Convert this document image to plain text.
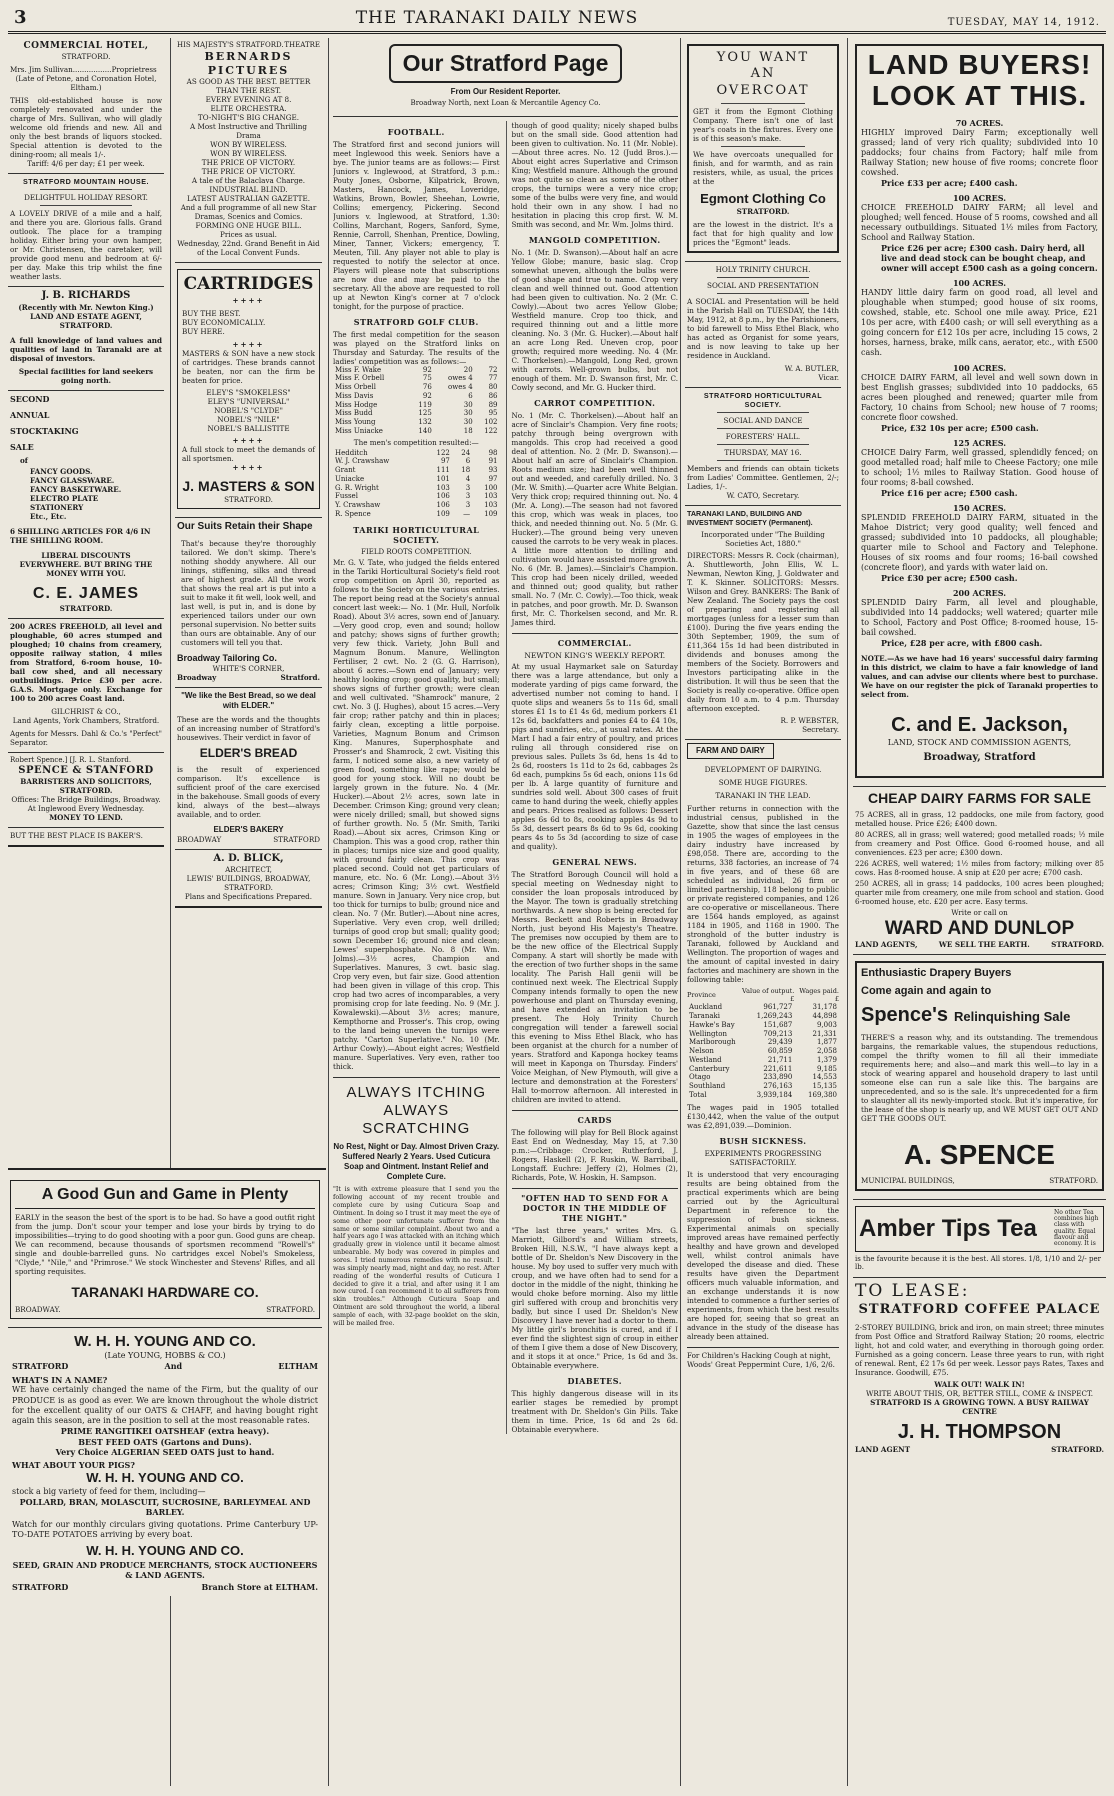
3	THE TARANAKI DAILY NEWS	TUESDAY, MAY 14, 1912.
COMMERCIAL HOTEL,
STRATFORD.
Mrs. Jim Sullivan.................Proprietress
(Late of Petone, and Coronation Hotel, Eltham.)
THIS old-established house is now completely renovated and under the charge of Mrs. Sullivan, who will gladly welcome old friends and new. All and only the best brands of liquors stocked. Special attention is devoted to the dining-room; all meals 1/-.
Tariff: 4/6 per day; £1 per week.
STRATFORD MOUNTAIN HOUSE.
DELIGHTFUL HOLIDAY RESORT.
A LOVELY DRIVE of a mile and a half, and there you are. Glorious falls. Grand outlook. The place for a tramping holiday. Either bring your own hamper, or Mr. Christensen, the caretaker, will provide good menu and bedroom at 6/- per day. Make this trip whilst the fine weather lasts.
J. B. RICHARDS
(Recently with Mr. Newton King.)
LAND AND ESTATE AGENT,
STRATFORD.
A full knowledge of land values and qualities of land in Taranaki are at disposal of investors.
Special facilities for land seekers going north.
SECOND
ANNUAL
STOCKTAKING
SALE
of
FANCY GOODS.
FANCY GLASSWARE.
FANCY BASKETWARE.
ELECTRO PLATE
STATIONERY
Etc., Etc.
6 SHILLING ARTICLES FOR 4/6 IN THE SHILLING ROOM.
LIBERAL DISCOUNTS EVERYWHERE. BUT BRING THE MONEY WITH YOU.
C. E. JAMES
STRATFORD.
200 ACRES FREEHOLD, all level and ploughable, 60 acres stumped and ploughed; 10 chains from creamery, opposite railway station, 4 miles from Stratford, 6-room house, 10-bail cow shed, and all necessary outbuildings. Price £30 per acre. G.A.S. Mortgage only. Exchange for 100 to 200 acres Coast land.
GILCHRIST & CO.,
Land Agents, York Chambers, Stratford.
Agents for Messrs. Dahl & Co.'s "Perfect" Separator.
Robert Spence.] [J. R. L. Stanford.
SPENCE & STANFORD
BARRISTERS AND SOLICITORS, STRATFORD.
Offices: The Bridge Buildings, Broadway.
At Inglewood Every Wednesday.
MONEY TO LEND.
BUT THE BEST PLACE IS BAKER'S.
HIS MAJESTY'S STRATFORD. THEATRE
BERNARDS
PICTURES
AS GOOD AS THE BEST. BETTER THAN THE REST.
EVERY EVENING AT 8.
ELITE ORCHESTRA.
TO-NIGHT'S BIG CHANGE.
A Most Instructive and Thrilling Drama
WON BY WIRELESS.
WON BY WIRELESS.
THE PRICE OF VICTORY.
THE PRICE OF VICTORY.
A tale of the Balaclava Charge.
INDUSTRIAL BLIND.
LATEST AUSTRALIAN GAZETTE.
And a full programme of all new Star Dramas, Scenics and Comics.
FORMING ONE HUGE BILL.
Prices as usual.
Wednesday, 22nd. Grand Benefit in Aid of the Local Convent Funds.
CARTRIDGES
++++
BUY THE BEST.
BUY ECONOMICALLY.
BUY HERE.
++++
MASTERS & SON have a new stock of cartridges. These brands cannot be beaten, nor can the firm be beaten for price.
ELEY'S "SMOKELESS"
ELEY'S "UNIVERSAL"
NOBEL'S "CLYDE"
NOBEL'S "NILE"
NOBEL'S BALLISTITE
++++
A full stock to meet the demands of all sportsmen.
++++
J. MASTERS & SON
STRATFORD.
Our Suits Retain their Shape
That's because they're thoroughly tailored. We don't skimp. There's nothing shoddy anywhere. All our linings, stiffening, silks and thread are of highest grade. All the work that shows the real art is put into a suit to make it fit well, look well, and last well, is put in, and is done by experienced tailors under our own personal supervision. No better suits than ours are obtainable. Any of our customers will tell you that.
Broadway Tailoring Co.
WHITE'S CORNER,
Broadway	Stratford.
"We like the Best Bread, so we deal with ELDER."
These are the words and the thoughts of an increasing number of Stratford's housewives. Their verdict in favor of
ELDER'S BREAD
is the result of experienced comparison. It's excellence is sufficient proof of the care exercised in the bakehouse. Small goods of every kind, always of the best—always available, and to order.
ELDER'S BAKERY
BROADWAY	STRATFORD
A. D. BLICK,
ARCHITECT,
LEWIS' BUILDINGS, BROADWAY, STRATFORD.
Plans and Specifications Prepared.
Our Stratford Page
From Our Resident Reporter.
Broadway North, next Loan & Mercantile Agency Co.
FOOTBALL.
The Stratford first and second juniors will meet Inglewood this week. Seniors have a bye. The junior teams are as follows:— First Juniors v. Inglewood, at Stratford, 3 p.m.: Pouty Jones, Osborne, Kilpatrick, Brown, Masters, Hancock, James, Loveridge, Watkins, Brown, Bowler, Sheehan, Lowrie, Collins; emergency, Pickering. Second Juniors v. Inglewood, at Stratford, 1.30: Collins, Marchant, Rogers, Sanford, Syme, Rennie, Carroll, Shenhan, Prentice, Dowling, Miner, Tanner, Vickers; emergency, T. Meuten, Till. Any player not able to play is requested to notify the selector at once. Players will please note that subscriptions are now due and may be paid to the secretary. All the above are requested to roll up at Newton King's corner at 7 o'clock tonight, for the purpose of practice.
STRATFORD GOLF CLUB.
The first medal competition for the season was played on the Stratford links on Thursday and Saturday. The results of the ladies' competition was as follows:—
Miss F. Wake	92	20	72
Miss F. Orbell	75	owes 4	77
Miss Orbell	76	owes 4	80
Miss Davis	92	6	86
Miss Hodge	119	30	89
Miss Budd	125	30	95
Miss Young	132	30	102
Miss Uniacke	140	18	122
The men's competition resulted:—
Hedditch	122	24	98
W. J. Crawshaw	97	6	91
Grant	111	18	93
Uniacke	101	4	97
G. R. Wright	103	3	100
Fussel	106	3	103
Y. Crawshaw	106	3	103
R. Spence	109	—	109
TARIKI HORTICULTURAL SOCIETY.
FIELD ROOTS COMPETITION.
Mr. G. V. Tate, who judged the fields entered in the Tariki Horticultural Society's field root crop competition on April 30, reported as follows to the Society on the various entries. The report being read at the Society's annual concert last week:— No. 1 (Mr. Hull, Norfolk Road). About 3½ acres, sown end of January.—Very good crop, even and sound; hollow and patchy; shows signs of further growth; very few thick. Variety, John Bull and Magnum Bonum. Manure, Wellington Fertiliser, 2 cwt. No. 2 (G. G. Harrison), about 6 acres.—Sown end of January; very healthy looking crop; good quality, but small; shows signs of further growth; were clean and well cultivated. "Shamrock" manure, 2 cwt. No. 3 (J. Hughes), about 15 acres.—Very fair crop; rather patchy and thin in places; fairly clean, excepting a little porpoise. Varieties, Magnum Bonum and Crimson King. Manures, Superphosphate and Prosser's and Shamrock, 2 cwt. Visiting this farm, I noticed some also, a new variety of green food, something like rape; would be good for young stock. Will no doubt be largely grown in the future. No. 4 (Mr. Hucker).—About 2½ acres, sown late in December. Crimson King; ground very clean; were nicely drilled; small, but showed signs of further growth. No. 5 (Mr. Smith, Tariki Road).—About six acres, Crimson King or Champion. This was a good crop, rather thin in places; turnips nice size and good quality, with ground fairly clean. This crop was placed second. Could not get particulars of manure, etc. No. 6 (Mr. Long).—About 3½ acres; Crimson King; 3½ cwt. Westfield manure. Sown in January. Very nice crop, but too thick for turnips to bulb; ground nice and clean. No. 7 (Mr. Butler).—About nine acres, Superlative. Very even crop, well drilled; turnips of good crop but small; quality good; sown December 16; ground nice and clean; Lewes' superphosphate. No. 8 (Mr. Wm. Jolms).—3½ acres, Champion and Superlatives. Manures, 3 cwt. basic slag. Crop very even, but fair size. Good attention had been given in village of this crop. This crop had two acres of incomparables, a very promising crop for late feeding. No. 9 (Mr. J. Kowalewski).—About 3½ acres; manure, Kempthorne and Prosser's. This crop, owing to the land being uneven the turnips were patchy. "Carton Superlative." No. 10 (Mr. Arthur Cowly).—About eight acres; Westfield manure. Superlatives. Very even, rather too thick.
ALWAYS ITCHING ALWAYS SCRATCHING
No Rest, Night or Day. Almost Driven Crazy. Suffered Nearly 2 Years. Used Cuticura Soap and Ointment. Instant Relief and Complete Cure.
"It is with extreme pleasure that I send you the following account of my recent trouble and complete cure by using Cuticura Soap and Ointment. In doing so I trust it may meet the eye of some other poor unfortunate sufferer from the same or some similar complaint. About two and a half years ago I was attacked with an itching which gradually grew in violence until it became almost unbearable. My body was covered in pimples and sores. I tried numerous remedies with no result. I was simply nearly mad, night and day, no rest. After reading of the wonderful results of Cuticura I decided to give it a trial, and after using it I am now cured. I can recommend it to all sufferers from skin troubles." Although Cuticura Soap and Ointment are sold throughout the world, a liberal sample of each, with 32-page booklet on the skin, will be mailed free.
though of good quality; nicely shaped bulbs but on the small side. Good attention had been given to cultivation. No. 11 (Mr. Noble).—About three acres. No. 12 (Judd Bros.).—About eight acres Superlative and Crimson King; Westfield manure. Although the ground was not quite so clean as some of the other crops, the turnips were a very nice crop; some of the bulbs were very fine, and would hold their own in any show. I had no hesitation in placing this crop first. W. M. Smith was second, and Mr. Wm. Jolms third.
MANGOLD COMPETITION.
No. 1 (Mr. D. Swanson).—About half an acre Yellow Globe; manure, basic slag. Crop somewhat uneven, although the bulbs were of good shape and true to name. Crop very clean and well thinned out. Good attention had been given to cultivation. No. 2 (Mr. C. Cowly).—About two acres Yellow Globe; Westfield manure. Crop too thick, and required thinning out and a little more cleaning. No. 3 (Mr. G. Hucker).—About half an acre Long Red. Uneven crop, poor growth; required more weeding. No. 4 (Mr. C. Thorkelsen).—Mangold, Long Red, grown with carrots. Well-grown bulbs, but not enough of them. Mr. D. Swanson first, Mr. C. Cowly second, and Mr. G. Hucker third.
CARROT COMPETITION.
No. 1 (Mr. C. Thorkelsen).—About half an acre of Sinclair's Champion. Very fine roots; patchy through being overgrown with mangolds. This crop had received a good deal of attention. No. 2 (Mr. D. Swanson).—About half an acre of Sinclair's Champion. Roots medium size; had been well thinned out and weeded, and carefully drilled. No. 3 (Mr. W. Smith).—Quarter acre White Belgian. Very thick crop; required thinning out. No. 4 (Mr. A. Long).—The season had not favored this crop, which was weak in places, too thick, and needed thinning out. No. 5 (Mr. G. Hucker).—The ground being very uneven caused the carrots to be very weak in places. A little more attention to drilling and cultivation would have assisted more growth. No. 6 (Mr. B. James).—Sinclair's Champion. This crop had been nicely drilled, weeded and thinned out; good quality, but rather small. No. 7 (Mr. C. Cowly).—Too thick, weak in patches, and poor growth. Mr. D. Swanson first, Mr. C. Thorkelsen second, and Mr. R. James third.
COMMERCIAL.
NEWTON KING'S WEEKLY REPORT.
At my usual Haymarket sale on Saturday there was a large attendance, but only a moderate yarding of pigs came forward, the advertised number not coming to hand. I quote slips and weaners 5s to 11s 6d, small stores £1 1s to £1 4s 6d, medium porkers £1 12s 6d, backfatters and ponies £4 to £4 10s, pigs and sundries, etc., at usual rates. At the Mart I had a fair entry of poultry, and prices ruling all through considered rise on previous sales. Pullets 3s 6d, hens 1s 4d to 2s 6d, roosters 1s 11d to 2s 6d, cabbages 2s 6d each, pumpkins 5s 6d each, onions 11s 6d per lb. A large quantity of furniture and sundries sold well. About 300 cases of fruit came to hand during the week, chiefly apples and pears. Prices realised as follows: Dessert apples 6s 6d to 8s, cooking apples 4s 9d to 5s 3d, dessert pears 8s 6d to 9s 6d, cooking pears 4s to 5s 3d (according to size of case and quality).
GENERAL NEWS.
The Stratford Borough Council will hold a special meeting on Wednesday night to consider the loan proposals introduced by the Mayor. The town is gradually stretching northwards. A new shop is being erected for Messrs. Beckett and Roberts in Broadway North, just beyond His Majesty's Theatre. The premises now occupied by them are to be the new office of the Electrical Supply Company. A start will shortly be made with the erection of two further shops in the same locality. The Parish Hall genii will be continued next week. The Electrical Supply Company intends formally to open the new powerhouse and plant on Thursday evening, and have extended an invitation to be present. The Holy Trinity Church congregation will tender a farewell social this evening to Miss Ethel Black, who has been organist at the church for a number of years. Stratford and Kaponga hockey teams will meet in Kaponga on Thursday. Finders' Voice Meighan, of New Plymouth, will give a lecture and demonstration at the Foresters' Hall to-morrow afternoon. All interested in children are invited to attend.
CARDS
The following will play for Bell Block against East End on Wednesday, May 15, at 7.30 p.m.:—Cribbage: Crocker, Rutherford, J. Rogers, Haskell (2), F. Ruskin, W. Barriball, Longstaff. Euchre: Jeffery (2), Holmes (2), Richards, Pote, W. Hoskin, H. Sampson.
"OFTEN HAD TO SEND FOR A DOCTOR IN THE MIDDLE OF THE NIGHT."
"The last three years," writes Mrs. G. Marriott, Gilbord's and William streets, Broken Hill, N.S.W., "I have always kept a bottle of Dr. Sheldon's New Discovery in the house. My boy used to suffer very much with croup, and we have often had to send for a doctor in the middle of the night, thinking he would choke before morning. Also my little girl suffered with croup and bronchitis very badly, but since I used Dr. Sheldon's New Discovery I have never had a doctor to them. My little girl's bronchitis is cured, and if I ever find the slightest sign of croup in either of them I give them a dose of New Discovery, and it stops it at once." Price, 1s 6d and 3s. Obtainable everywhere.
DIABETES.
This highly dangerous disease will in its earlier stages be remedied by prompt treatment with Dr. Sheldon's Gin Pills. Take them in time. Price, 1s 6d and 2s 6d. Obtainable everywhere.
YOU WANT
AN
OVERCOAT
GET it from the Egmont Clothing Company. There isn't one of last year's coats in the fixtures. Every one is of this season's make.
We have overcoats unequalled for finish, and for warmth, and as rain resisters, while, as usual, the prices at the
Egmont Clothing Co
STRATFORD.
are the lowest in the district. It's a fact that for high quality and low prices the "Egmont" leads.
HOLY TRINITY CHURCH.
SOCIAL AND PRESENTATION
A SOCIAL and Presentation will be held in the Parish Hall on TUESDAY, the 14th May, 1912, at 8 p.m., by the Parishioners, to bid farewell to Miss Ethel Black, who has acted as Organist for some years, and is now leaving to take up her residence in Auckland.
W. A. BUTLER,
Vicar.
STRATFORD HORTICULTURAL SOCIETY.
SOCIAL AND DANCE
FORESTERS' HALL.
THURSDAY, MAY 16.
Members and friends can obtain tickets from Ladies' Committee. Gentlemen, 2/-; Ladies, 1/-.
W. CATO, Secretary.
TARANAKI LAND, BUILDING AND INVESTMENT SOCIETY (Permanent).
Incorporated under "The Building Societies Act, 1880."
DIRECTORS: Messrs R. Cock (chairman), A. Shuttleworth, John Ellis, W. L. Newman, Newton King, J. Goldwater and T. K. Skinner. SOLICITORS: Messrs. Wilson and Grey. BANKERS: The Bank of New Zealand. The Society pays the cost of preparing and registering all mortgages (unless for a lesser sum than £100). During the five years ending the 30th September, 1909, the sum of £11,364 15s 1d had been distributed in dividends and bonuses among the members of the Society. Borrowers and Investors participating alike in the distribution. It will thus be seen that the Society is really co-operative. Office open daily from 10 a.m. to 4 p.m. Thursday afternoon excepted.
R. P. WEBSTER,
Secretary.
FARM AND DAIRY
DEVELOPMENT OF DAIRYING.
SOME HUGE FIGURES.
TARANAKI IN THE LEAD.
Further returns in connection with the industrial census, published in the Gazette, show that since the last census in 1905 the wages of employees in the dairy industry have increased by £98,058. There are, according to the returns, 338 factories, an increase of 74 in five years, and of these 68 are scheduled as individual, 26 firm or limited partnership, 118 belong to public or private registered companies, and 126 are co-operative or miscellaneous. There are 1564 hands employed, as against 1184 in 1905, and 1168 in 1900. The stronghold of the butter industry is Taranaki, followed by Auckland and Wellington. The proportion of wages and the amount of capital invested in dairy factories and machinery are shown in the following table:
Province	Value of output. £	Wages paid. £
Auckland	961,727	31,178
Taranaki	1,269,243	44,898
Hawke's Bay	151,687	9,003
Wellington	709,213	21,331
Marlborough	29,439	1,877
Nelson	60,859	2,058
Westland	21,711	1,379
Canterbury	221,611	9,185
Otago	233,890	14,553
Southland	276,163	15,135
Total	3,939,184	169,380
The wages paid in 1905 totalled £130,442, when the value of the output was £2,891,039.—Dominion.
BUSH SICKNESS.
EXPERIMENTS PROGRESSING SATISFACTORILY.
It is understood that very encouraging results are being obtained from the practical experiments which are being carried out by the Agricultural Department in reference to the suppression of bush sickness. Experimental animals on specially improved areas have remained perfectly healthy and have grown and developed well, whilst control animals have developed the disease and died. These results have given the Department officers much valuable information, and an exchange understands it is now intended to commence a further series of experiments, from which the best results are hoped for, seeing that so great an advance in the study of the disease has already been attained.
For Children's Hacking Cough at night, Woods' Great Peppermint Cure, 1/6, 2/6.
LAND BUYERS!
LOOK AT THIS.
70 ACRES.
HIGHLY improved Dairy Farm; exceptionally well grassed; land of very rich quality; subdivided into 10 paddocks; four chains from Factory; half mile from Railway Station; new house of five rooms; concrete floor cowshed.
Price £33 per acre; £400 cash.
100 ACRES.
CHOICE FREEHOLD DAIRY FARM; all level and ploughed; well fenced. House of 5 rooms, cowshed and all necessary outbuildings. Situated 1½ miles from Factory, School and Railway Station.
Price £26 per acre; £300 cash. Dairy herd, all live and dead stock can be bought cheap, and owner will accept £500 cash as a going concern.
100 ACRES.
HANDY little dairy farm on good road, all level and ploughable when stumped; good house of six rooms, cowshed, stable, etc. School one mile away. Price, £21 10s per acre, with £400 cash; or will sell everything as a going concern for £12 10s per acre, including 15 cows, 2 horses, harness, brake, milk cans, aerator, etc., with £500 cash.
100 ACRES.
CHOICE DAIRY FARM, all level and well sown down in best English grasses; subdivided into 10 paddocks, 65 acres been ploughed and renewed; quarter mile from Factory, 10 chains from School; new house of 7 rooms; concrete floor cowshed.
Price, £32 10s per acre; £500 cash.
125 ACRES.
CHOICE Dairy Farm, well grassed, splendidly fenced; on good metalled road; half mile to Cheese Factory; one mile to school; 1½ miles to Railway Station. Good house of four rooms; 8-bail cowshed.
Price £16 per acre; £500 cash.
150 ACRES.
SPLENDID FREEHOLD DAIRY FARM, situated in the Mahoe District; very good quality; well fenced and grassed; subdivided into 10 paddocks, all ploughable; quarter mile to School and Factory and Telephone. Houses of six rooms and four rooms; 16-bail cowshed (concrete floor), and yards with water laid on.
Price £30 per acre; £500 cash.
200 ACRES.
SPLENDID Dairy Farm, all level and ploughable, subdivided into 14 paddocks; well watered; quarter mile to School, Factory and Post Office; 8-roomed house, 15-bail cowshed.
Price, £28 per acre, with £800 cash.
NOTE.—As we have had 16 years' successful dairy farming in this district, we claim to have a fair knowledge of land values, and can advise our clients where best to purchase. We have on our register the pick of Taranaki properties to select from.
C. and E. Jackson,
LAND, STOCK AND COMMISSION AGENTS,
Broadway, Stratford
CHEAP DAIRY FARMS FOR SALE
75 ACRES, all in grass, 12 paddocks, one mile from factory, good metalled house. Price £26; £400 down.
80 ACRES, all in grass; well watered; good metalled roads; ½ mile from creamery and Post Office. Good 6-roomed house, and all conveniences. £23 per acre; £300 down.
226 ACRES, well watered; 1½ miles from factory; milking over 85 cows. Has 8-roomed house. A snip at £20 per acre; £700 cash.
250 ACRES, all in grass; 14 paddocks, 100 acres been ploughed; quarter mile from creamery, one mile from school and station. Good 6-roomed house, etc. £20 per acre. Easy terms.
Write or call on
WARD AND DUNLOP
LAND AGENTS,	WE SELL THE EARTH.	STRATFORD.
Enthusiastic Drapery Buyers
Come again and again to
Spence's Relinquishing Sale
THERE'S a reason why, and its outstanding. The tremendous bargains, the remarkable values, the stupendous reductions, compel the thrifty women to fill all their immediate requirements here; and also—and mark this well—to lay in a stock of wearing apparel and household drapery to last until someone else can run a sale like this. The bargains are unprecedented, and so is the sale. It's unprecedented for a firm to slaughter all its newly-imported stock. But it's imperative, for the lease of the shop is nearly up, and WE MUST GET OUT AND GET THE GOODS OUT.
A. SPENCE
MUNICIPAL BUILDINGS,	STRATFORD.
Amber Tips Tea
No other Tea combines high class with quality. Equal flavour and economy. It is
is the favourite because it is the best. All stores. 1/8, 1/10 and 2/- per lb.
TO LEASE:
STRATFORD COFFEE PALACE
2-STOREY BUILDING, brick and iron, on main street; three minutes from Post Office and Stratford Railway Station; 20 rooms, electric light, hot and cold water, and everything in thorough going order. Furnished as a going concern. Lease three years to run, with right of renewal. Rent, £2 17s 6d per week. Lessor pays Rates, Taxes and Insurance. Goodwill, £75.
WALK OUT! WALK IN!
WRITE ABOUT THIS, OR, BETTER STILL, COME & INSPECT.
STRATFORD IS A GROWING TOWN. A BUSY RAILWAY CENTRE
J. H. THOMPSON
LAND AGENT	STRATFORD.
A Good Gun and Game in Plenty
EARLY in the season the best of the sport is to be had. So have a good outfit right from the jump. Don't scour your temper and lose your birds by trying to do impossibilities—trying to do good shooting with a poor gun. Good guns are cheap. We can recommend, because thousands of sportsmen recommend "Rowell's" single and double-barrelled guns. No cartridges excel Nobel's Smokeless, "Clyde," "Nile," and "Primrose." We stock Winchester and Stevens' Rifles, and all sporting requisites.
TARANAKI HARDWARE CO.
BROADWAY.	STRATFORD.
W. H. H. YOUNG AND CO.
(Late YOUNG, HOBBS & CO.)
STRATFORD	And	ELTHAM
WHAT'S IN A NAME?
WE have certainly changed the name of the Firm, but the quality of our PRODUCE is as good as ever. We are known throughout the whole district for the excellent quality of our OATS & CHAFF, and having bought right again this season, are in the position to sell at the most reasonable rates.
PRIME RANGITIKEI OATSHEAF (extra heavy).
BEST FEED OATS (Gartons and Duns).
Very Choice ALGERIAN SEED OATS just to hand.
WHAT ABOUT YOUR PIGS?
W. H. H. YOUNG AND CO.
stock a big variety of feed for them, including—
POLLARD, BRAN, MOLASCUIT, SUCROSINE, BARLEYMEAL AND BARLEY.
Watch for our monthly circulars giving quotations. Prime Canterbury UP-TO-DATE POTATOES arriving by every boat.
W. H. H. YOUNG AND CO.
SEED, GRAIN AND PRODUCE MERCHANTS, STOCK AUCTIONEERS & LAND AGENTS.
STRATFORD	Branch Store at ELTHAM.
